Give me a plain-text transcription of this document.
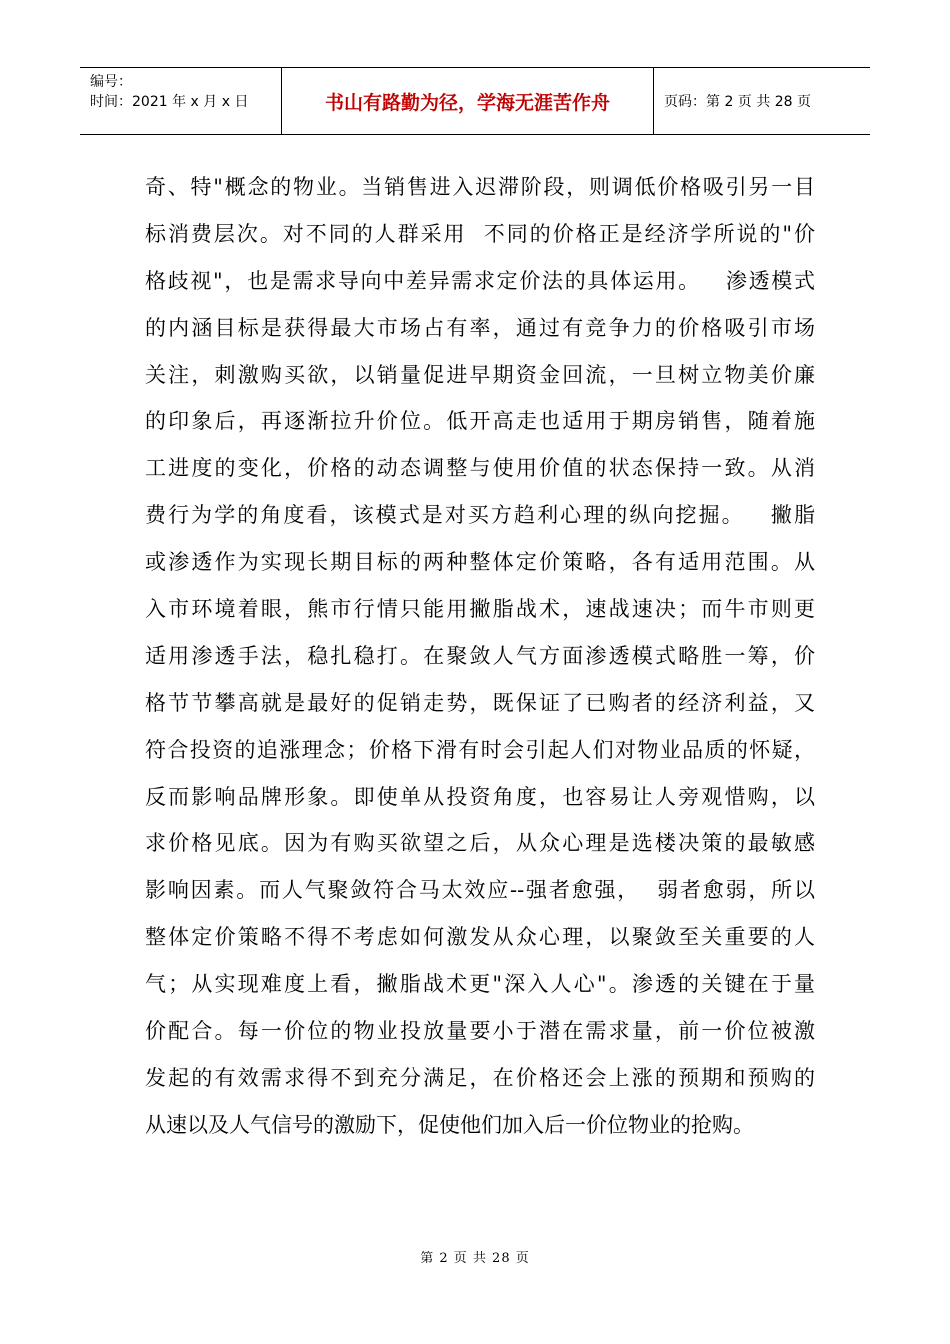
编号：
时间：2021 年 x 月 x 日	书山有路勤为径，学海无涯苦作舟	页码：第 2 页 共 28 页
奇、特"概念的物业。当销售进入迟滞阶段，则调低价格吸引另一目
标消费层次。对不同的人群采用  不同的价格正是经济学所说的"价
格歧视"，也是需求导向中差异需求定价法的具体运用。   渗透模式
的内涵目标是获得最大市场占有率，通过有竞争力的价格吸引市场
关注，刺激购买欲，以销量促进早期资金回流，一旦树立物美价廉
的印象后，再逐渐拉升价位。低开高走也适用于期房销售，随着施
工进度的变化，价格的动态调整与使用价值的状态保持一致。从消
费行为学的角度看，该模式是对买方趋利心理的纵向挖掘。   撇脂
或渗透作为实现长期目标的两种整体定价策略，各有适用范围。从
入市环境着眼，熊市行情只能用撇脂战术，速战速决；而牛市则更
适用渗透手法，稳扎稳打。在聚敛人气方面渗透模式略胜一筹，价
格节节攀高就是最好的促销走势，既保证了已购者的经济利益，又
符合投资的追涨理念；价格下滑有时会引起人们对物业品质的怀疑，
反而影响品牌形象。即使单从投资角度，也容易让人旁观惜购，以
求价格见底。因为有购买欲望之后，从众心理是选楼决策的最敏感
影响因素。而人气聚敛符合马太效应--强者愈强，  弱者愈弱，所以
整体定价策略不得不考虑如何激发从众心理，以聚敛至关重要的人
气；从实现难度上看，撇脂战术更"深入人心"。渗透的关键在于量
价配合。每一价位的物业投放量要小于潜在需求量，前一价位被激
发起的有效需求得不到充分满足，在价格还会上涨的预期和预购的
从速以及人气信号的激励下，促使他们加入后一价位物业的抢购。
第 2 页 共 28 页
